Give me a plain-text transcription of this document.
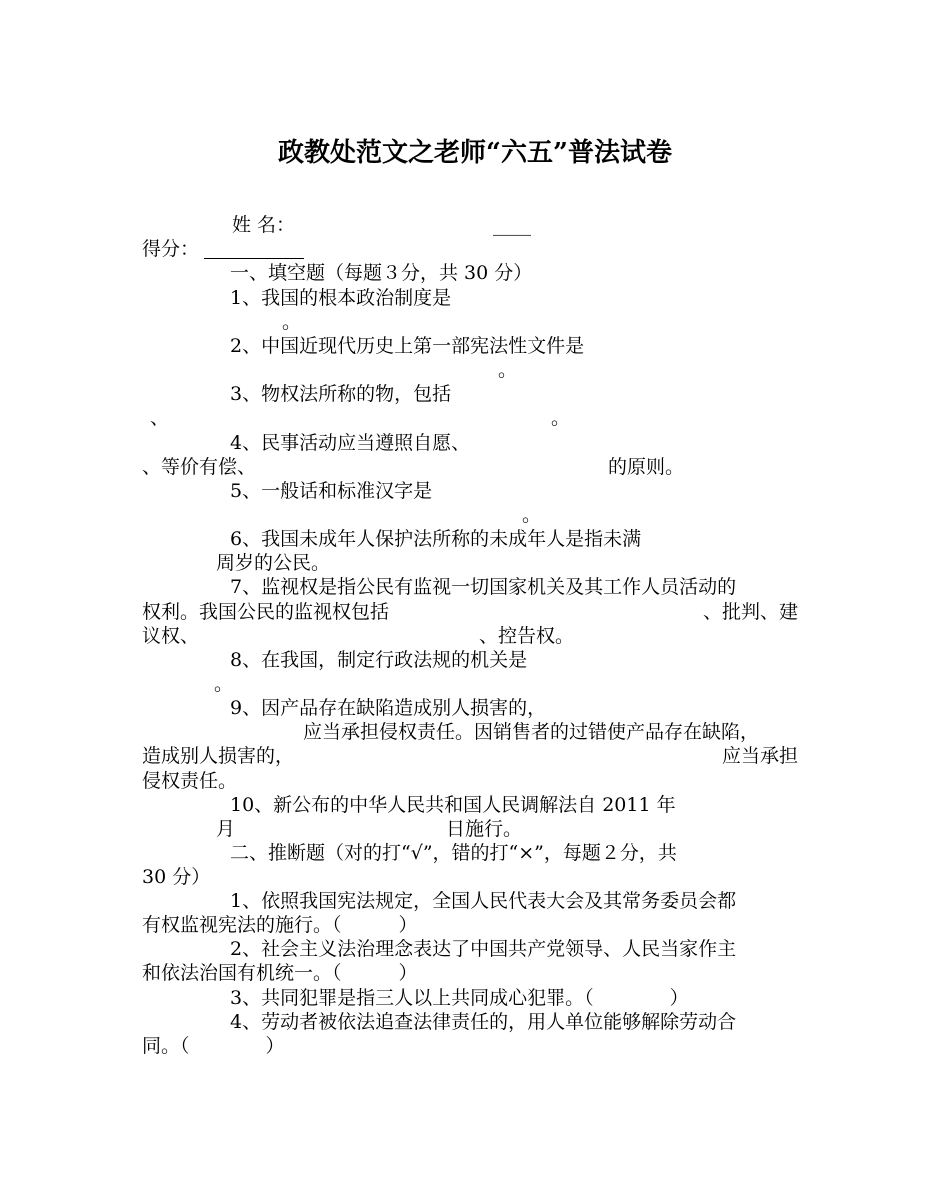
政教处范文之老师“六五”普法试卷
姓 名：	____
得分：
一、填空题（每题３分，共 30 分）
1、我国的根本政治制度是
。
2、中国近现代历史上第一部宪法性文件是
。
3、物权法所称的物，包括
、	。
4、民事活动应当遵照自愿、
、等价有偿、	的原则。
5、一般话和标准汉字是
。
6、我国未成年人保护法所称的未成年人是指未满
周岁的公民。
7、监视权是指公民有监视一切国家机关及其工作人员活动的
权利。我国公民的监视权包括	、批判、建
议权、	、控告权。
8、在我国，制定行政法规的机关是
。
9、因产品存在缺陷造成别人损害的，
应当承担侵权责任。因销售者的过错使产品存在缺陷，
造成别人损害的，	应当承担
侵权责任。
10、新公布的中华人民共和国人民调解法自 2011 年
月	日施行。
二、推断题（对的打“√”，错的打“×”，每题２分，共
30 分）
1、依照我国宪法规定，全国人民代表大会及其常务委员会都
有权监视宪法的施行。（　　　）
2、社会主义法治理念表达了中国共产党领导、人民当家作主
和依法治国有机统一。（　　　）
3、共同犯罪是指三人以上共同成心犯罪。（　　　　）
4、劳动者被依法追查法律责任的，用人单位能够解除劳动合
同。（　　　　）
